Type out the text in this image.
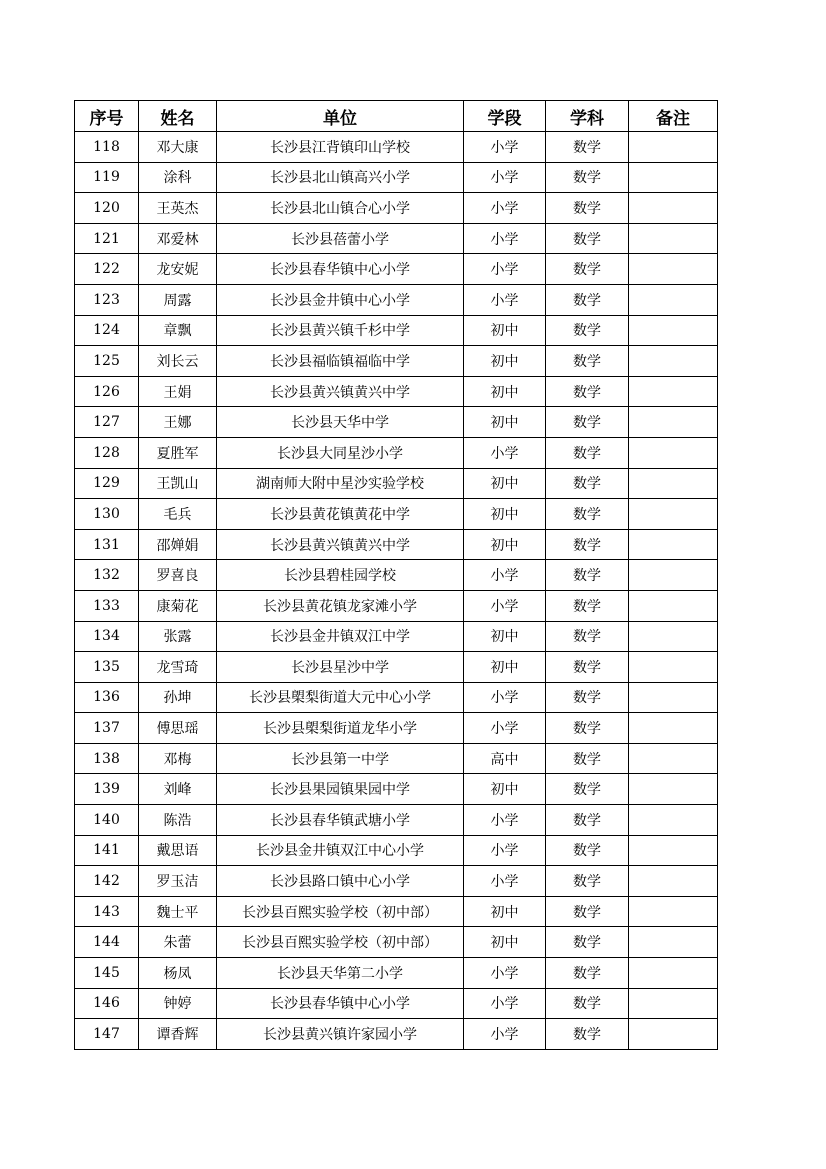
序号	姓名	单位	学段	学科	备注
118	邓大康	长沙县江背镇印山学校	小学	数学	
119	涂科	长沙县北山镇高兴小学	小学	数学	
120	王英杰	长沙县北山镇合心小学	小学	数学	
121	邓爱林	长沙县蓓蕾小学	小学	数学	
122	龙安妮	长沙县春华镇中心小学	小学	数学	
123	周露	长沙县金井镇中心小学	小学	数学	
124	章飘	长沙县黄兴镇千杉中学	初中	数学	
125	刘长云	长沙县福临镇福临中学	初中	数学	
126	王娟	长沙县黄兴镇黄兴中学	初中	数学	
127	王娜	长沙县天华中学	初中	数学	
128	夏胜军	长沙县大同星沙小学	小学	数学	
129	王凯山	湖南师大附中星沙实验学校	初中	数学	
130	毛兵	长沙县黄花镇黄花中学	初中	数学	
131	邵婵娟	长沙县黄兴镇黄兴中学	初中	数学	
132	罗喜良	长沙县碧桂园学校	小学	数学	
133	康菊花	长沙县黄花镇龙家滩小学	小学	数学	
134	张露	长沙县金井镇双江中学	初中	数学	
135	龙雪琦	长沙县星沙中学	初中	数学	
136	孙坤	长沙县㮾梨街道大元中心小学	小学	数学	
137	傅思瑶	长沙县㮾梨街道龙华小学	小学	数学	
138	邓梅	长沙县第一中学	高中	数学	
139	刘峰	长沙县果园镇果园中学	初中	数学	
140	陈浩	长沙县春华镇武塘小学	小学	数学	
141	戴思语	长沙县金井镇双江中心小学	小学	数学	
142	罗玉洁	长沙县路口镇中心小学	小学	数学	
143	魏士平	长沙县百熙实验学校（初中部）	初中	数学	
144	朱蕾	长沙县百熙实验学校（初中部）	初中	数学	
145	杨凤	长沙县天华第二小学	小学	数学	
146	钟婷	长沙县春华镇中心小学	小学	数学	
147	谭香辉	长沙县黄兴镇许家园小学	小学	数学	
